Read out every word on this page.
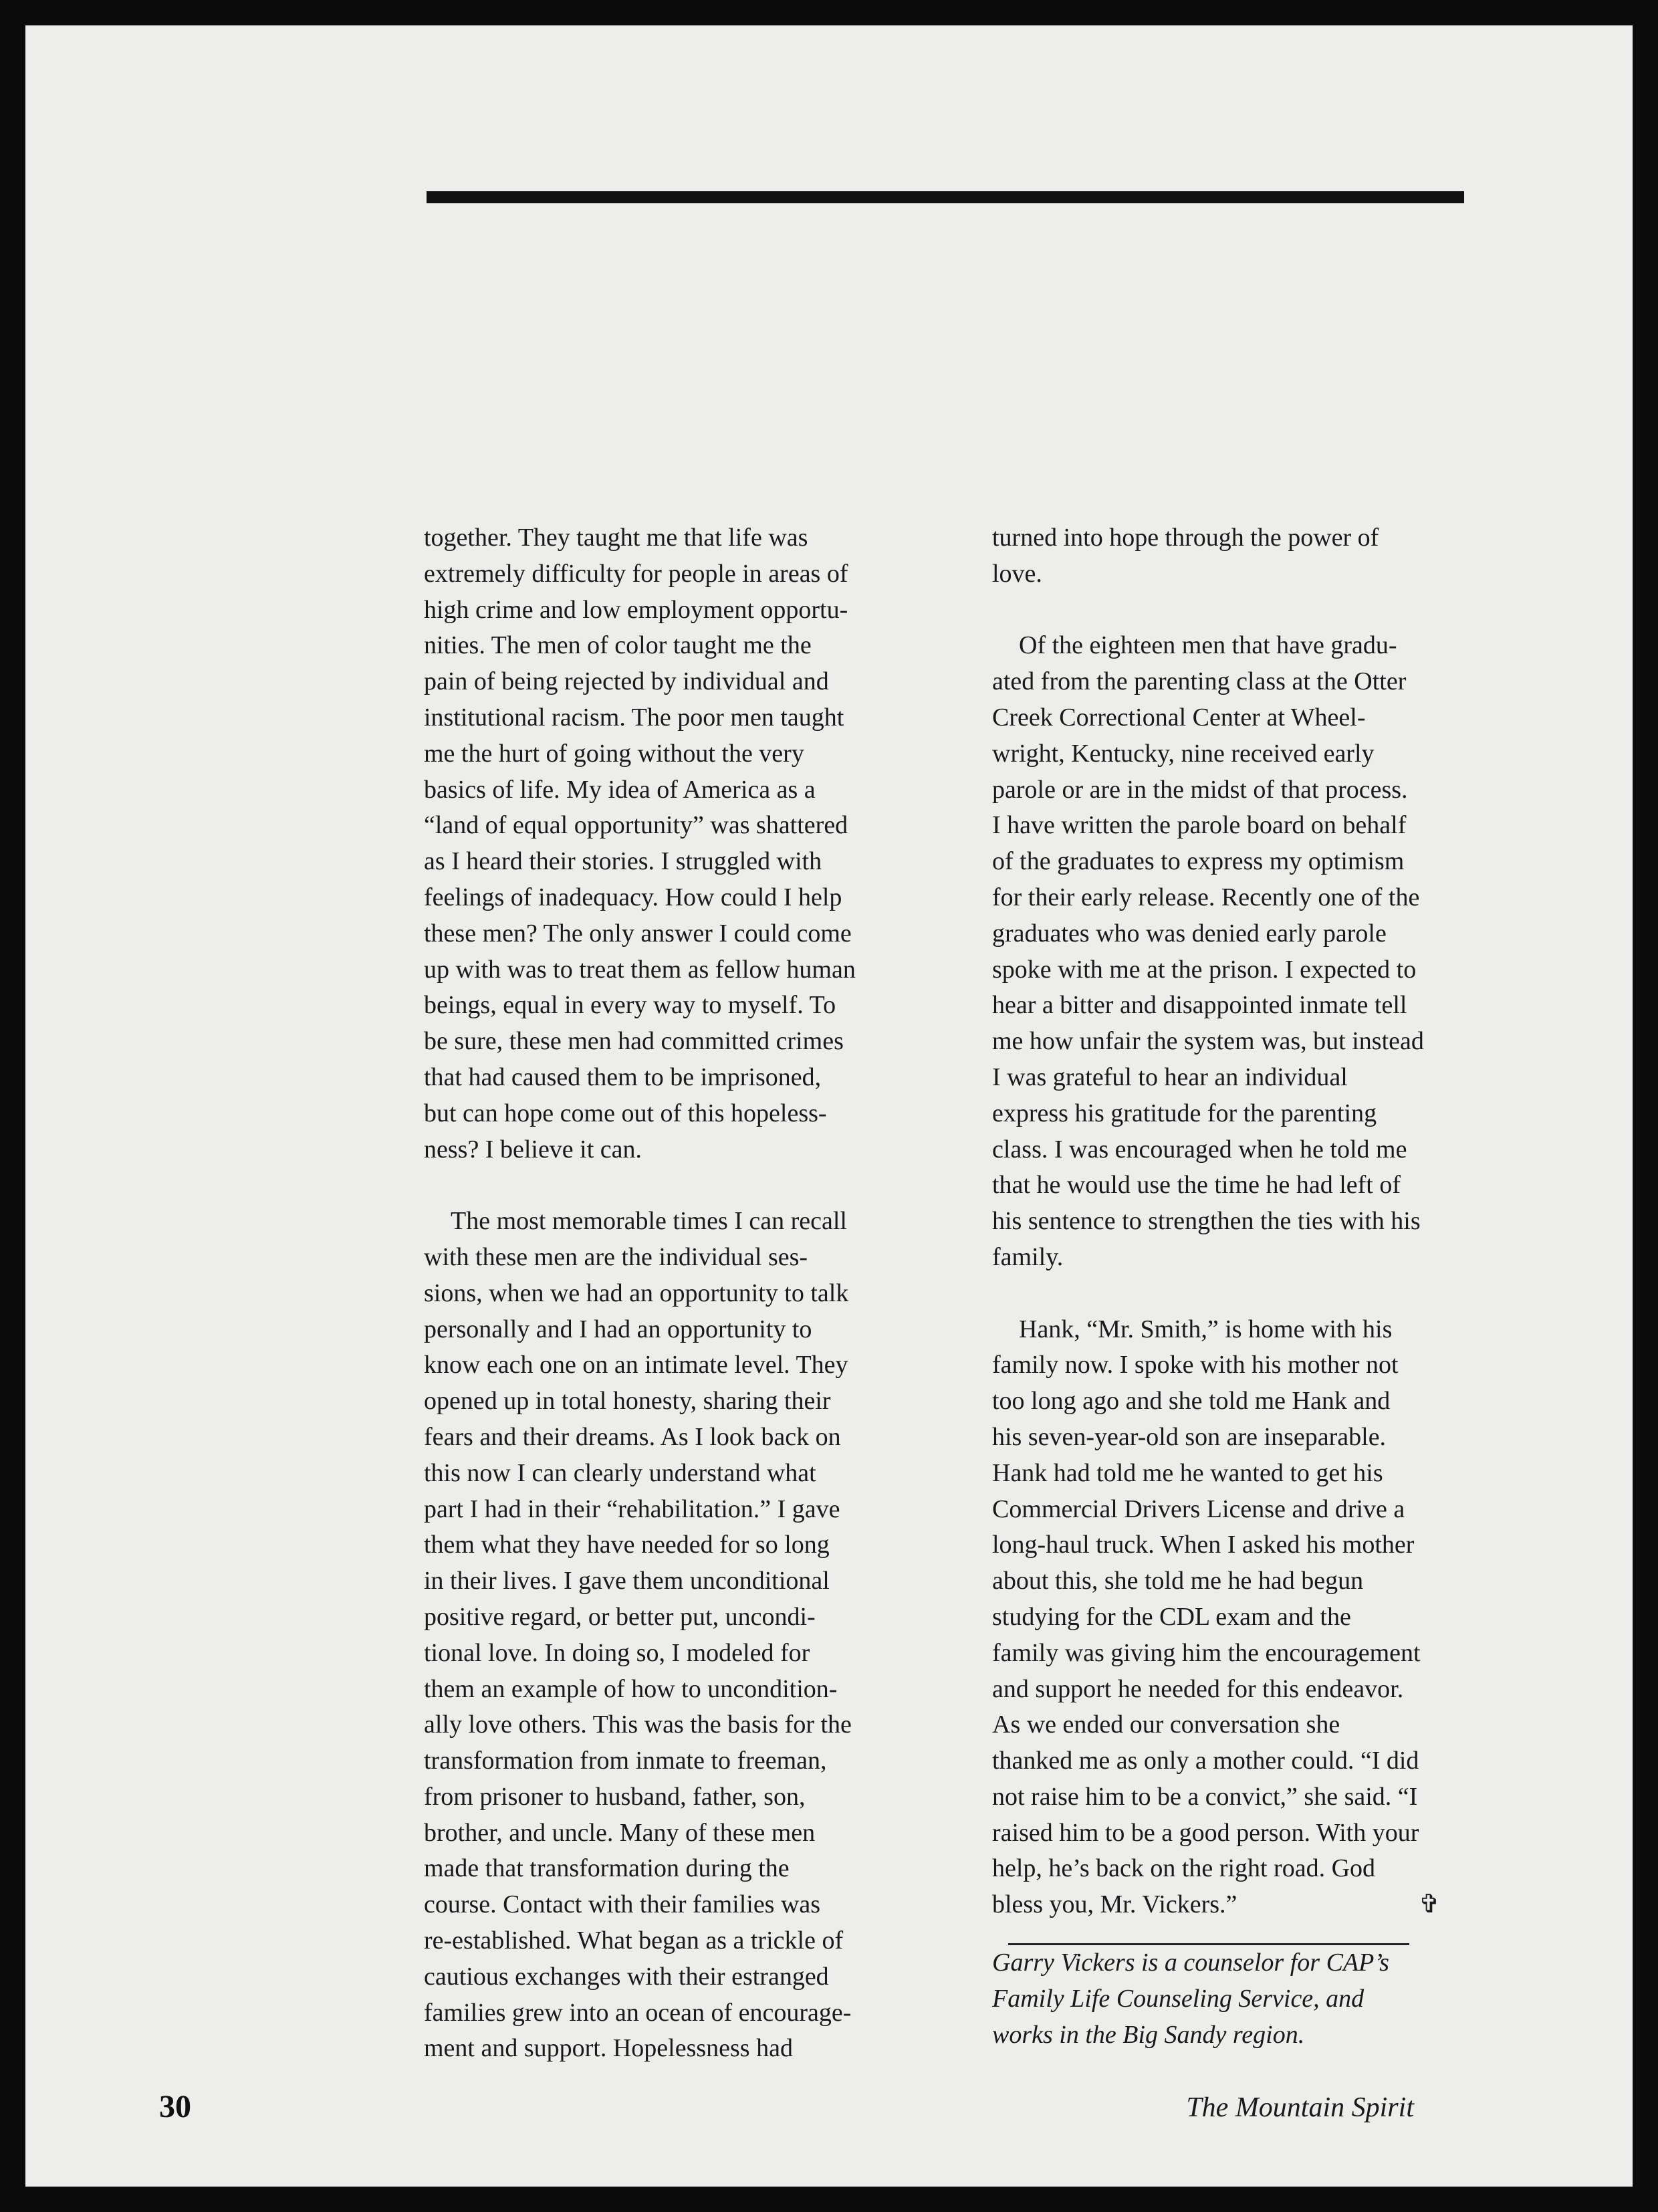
together. They taught me that life was
extremely difficulty for people in areas of
high crime and low employment opportu-
nities. The men of color taught me the
pain of being rejected by individual and
institutional racism. The poor men taught
me the hurt of going without the very
basics of life. My idea of America as a
“land of equal opportunity” was shattered
as I heard their stories. I struggled with
feelings of inadequacy. How could I help
these men? The only answer I could come
up with was to treat them as fellow human
beings, equal in every way to myself. To
be sure, these men had committed crimes
that had caused them to be imprisoned,
but can hope come out of this hopeless-
ness? I believe it can.

The most memorable times I can recall
with these men are the individual ses-
sions, when we had an opportunity to talk
personally and I had an opportunity to
know each one on an intimate level. They
opened up in total honesty, sharing their
fears and their dreams. As I look back on
this now I can clearly understand what
part I had in their “rehabilitation.” I gave
them what they have needed for so long
in their lives. I gave them unconditional
positive regard, or better put, uncondi-
tional love. In doing so, I modeled for
them an example of how to uncondition-
ally love others. This was the basis for the
transformation from inmate to freeman,
from prisoner to husband, father, son,
brother, and uncle. Many of these men
made that transformation during the
course. Contact with their families was
re-established. What began as a trickle of
cautious exchanges with their estranged
families grew into an ocean of encourage-
ment and support. Hopelessness had

turned into hope through the power of
love.

Of the eighteen men that have gradu-
ated from the parenting class at the Otter
Creek Correctional Center at Wheel-
wright, Kentucky, nine received early
parole or are in the midst of that process.
I have written the parole board on behalf
of the graduates to express my optimism
for their early release. Recently one of the
graduates who was denied early parole
spoke with me at the prison. I expected to
hear a bitter and disappointed inmate tell
me how unfair the system was, but instead
I was grateful to hear an individual
express his gratitude for the parenting
class. I was encouraged when he told me
that he would use the time he had left of
his sentence to strengthen the ties with his
family.

Hank, “Mr. Smith,” is home with his
family now. I spoke with his mother not
too long ago and she told me Hank and
his seven-year-old son are inseparable.
Hank had told me he wanted to get his
Commercial Drivers License and drive a
long-haul truck. When I asked his mother
about this, she told me he had begun
studying for the CDL exam and the
family was giving him the encouragement
and support he needed for this endeavor.
As we ended our conversation she
thanked me as only a mother could. “I did
not raise him to be a convict,” she said. “I
raised him to be a good person. With your
help, he’s back on the right road. God
bless you, Mr. Vickers.”	✞

Garry Vickers is a counselor for CAP’s
Family Life Counseling Service, and
works in the Big Sandy region.

30	The Mountain Spirit
